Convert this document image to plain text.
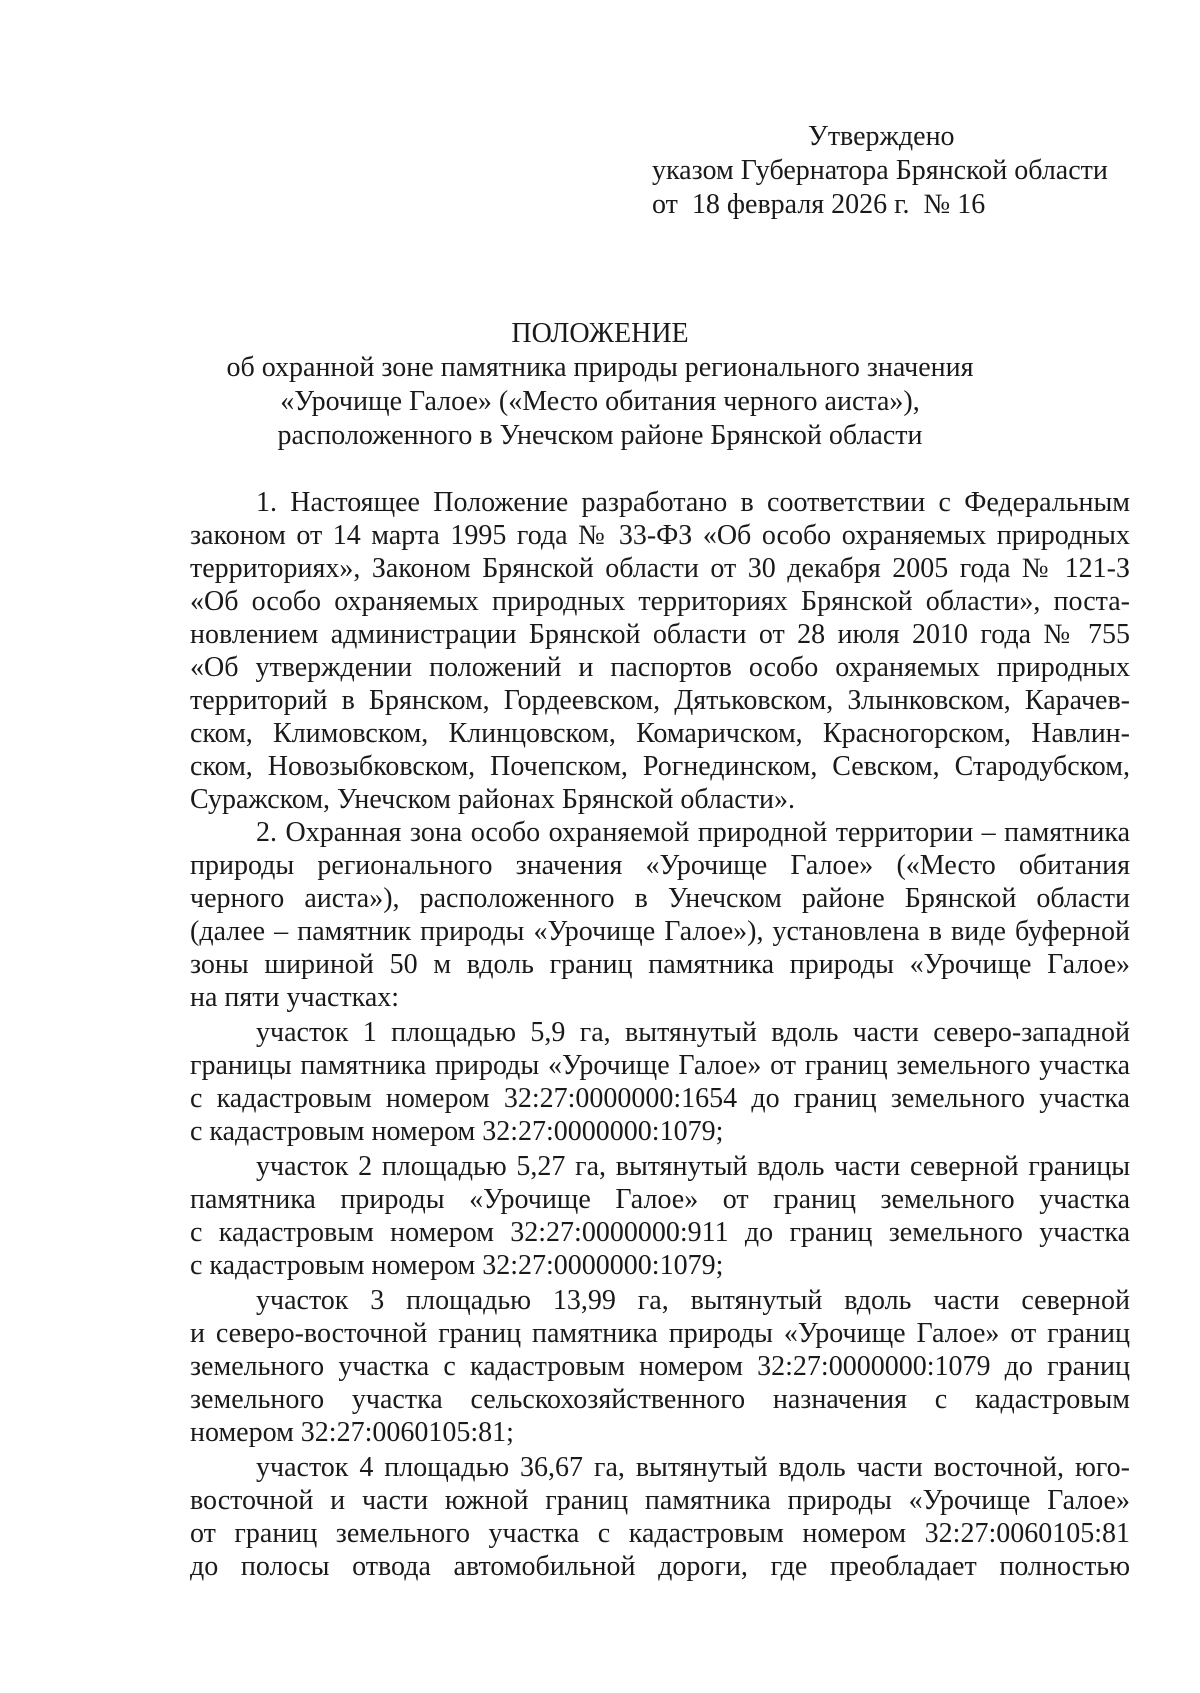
Утверждено
указом Губернатора Брянской области
от  18 февраля 2026 г.  № 16
ПОЛОЖЕНИЕ
об охранной зоне памятника природы регионального значения
«Урочище Галое» («Место обитания черного аиста»),
расположенного в Унечском районе Брянской области
1. Настоящее Положение разработано в соответствии с Федеральным
законом от 14 марта 1995 года № 33-ФЗ «Об особо охраняемых природных
территориях», Законом Брянской области от 30 декабря 2005 года № 121-З
«Об особо охраняемых природных территориях Брянской области», поста-
новлением администрации Брянской области от 28 июля 2010 года № 755
«Об утверждении положений и паспортов особо охраняемых природных
территорий в Брянском, Гордеевском, Дятьковском, Злынковском, Карачев-
ском, Климовском, Клинцовском, Комаричском, Красногорском, Навлин-
ском, Новозыбковском, Почепском, Рогнединском, Севском, Стародубском,
Суражском, Унечском районах Брянской области».
2. Охранная зона особо охраняемой природной территории – памятника
природы регионального значения «Урочище Галое» («Место обитания
черного аиста»), расположенного в Унечском районе Брянской области
(далее – памятник природы «Урочище Галое»), установлена в виде буферной
зоны шириной 50 м вдоль границ памятника природы «Урочище Галое»
на пяти участках:
участок 1 площадью 5,9 га, вытянутый вдоль части северо-западной
границы памятника природы «Урочище Галое» от границ земельного участка
с кадастровым номером 32:27:0000000:1654 до границ земельного участка
с кадастровым номером 32:27:0000000:1079;
участок 2 площадью 5,27 га, вытянутый вдоль части северной границы
памятника природы «Урочище Галое» от границ земельного участка
с кадастровым номером 32:27:0000000:911 до границ земельного участка
с кадастровым номером 32:27:0000000:1079;
участок 3 площадью 13,99 га, вытянутый вдоль части северной
и северо-восточной границ памятника природы «Урочище Галое» от границ
земельного участка с кадастровым номером 32:27:0000000:1079 до границ
земельного участка сельскохозяйственного назначения с кадастровым
номером 32:27:0060105:81;
участок 4 площадью 36,67 га, вытянутый вдоль части восточной, юго-
восточной и части южной границ памятника природы «Урочище Галое»
от границ земельного участка с кадастровым номером 32:27:0060105:81
до полосы отвода автомобильной дороги, где преобладает полностью
